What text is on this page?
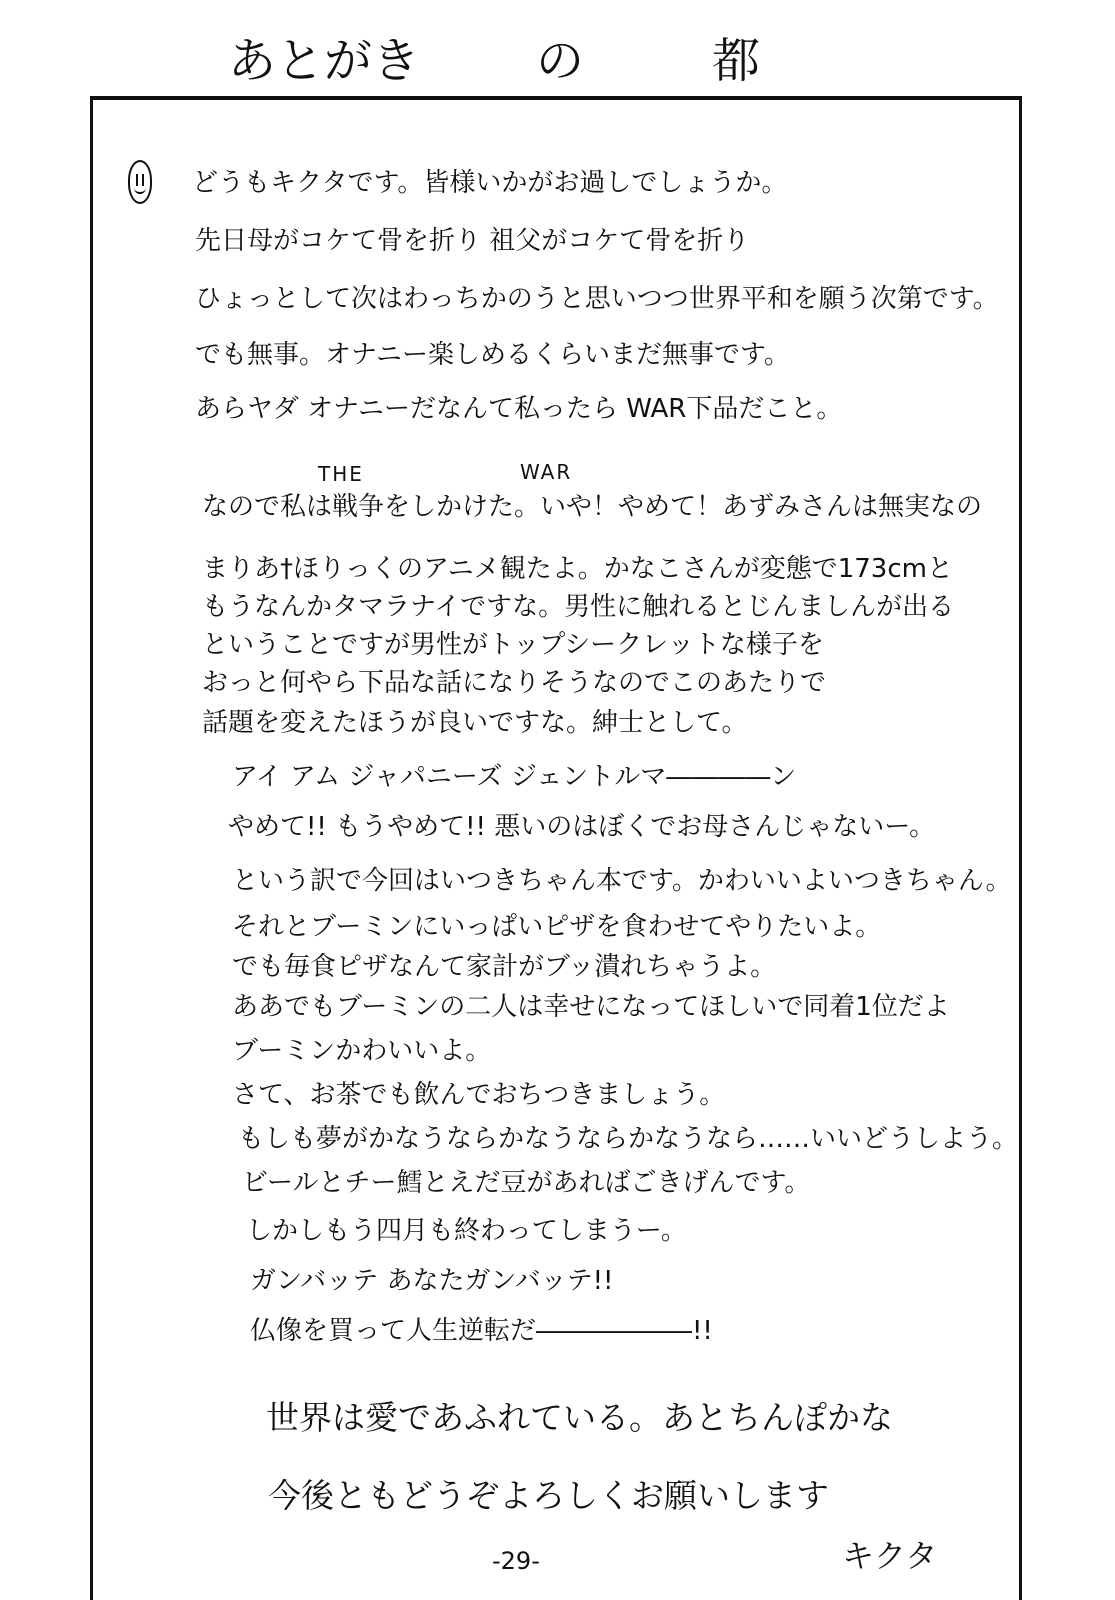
あとがき の	都
どうもキクタです。皆様いかがお過しでしょうか。
先日母がコケて骨を折り 祖父がコケて骨を折り
ひょっとして次はわっちかのうと思いつつ世界平和を願う次第です。
でも無事。オナニー楽しめるくらいまだ無事です。
あらヤダ オナニーだなんて私ったら WAR下品だこと。
THE	WAR
なので私は戦争をしかけた。いや！やめて！あずみさんは無実なの
まりあ†ほりっくのアニメ観たよ。かなこさんが変態で173cmと
もうなんかタマラナイですな。男性に触れるとじんましんが出る
ということですが男性がトップシークレットな様子を
おっと何やら下品な話になりそうなのでこのあたりで
話題を変えたほうが良いですな。紳士として。
アイ アム ジャパニーズ ジェントルマ――――ン
やめて!! もうやめて!! 悪いのはぼくでお母さんじゃないー。
という訳で今回はいつきちゃん本です。かわいいよいつきちゃん。
それとブーミンにいっぱいピザを食わせてやりたいよ。
でも毎食ピザなんて家計がブッ潰れちゃうよ。
ああでもブーミンの二人は幸せになってほしいで同着1位だよ
ブーミンかわいいよ。
さて、お茶でも飲んでおちつきましょう。
もしも夢がかなうならかなうならかなうなら……いいどうしよう。
ビールとチー鱈とえだ豆があればごきげんです。
しかしもう四月も終わってしまうー。
ガンバッテ あなたガンバッテ!!
仏像を買って人生逆転だ――――――!!
世界は愛であふれている。あとちんぽかな
今後ともどうぞよろしくお願いします
-29-	キクタ
